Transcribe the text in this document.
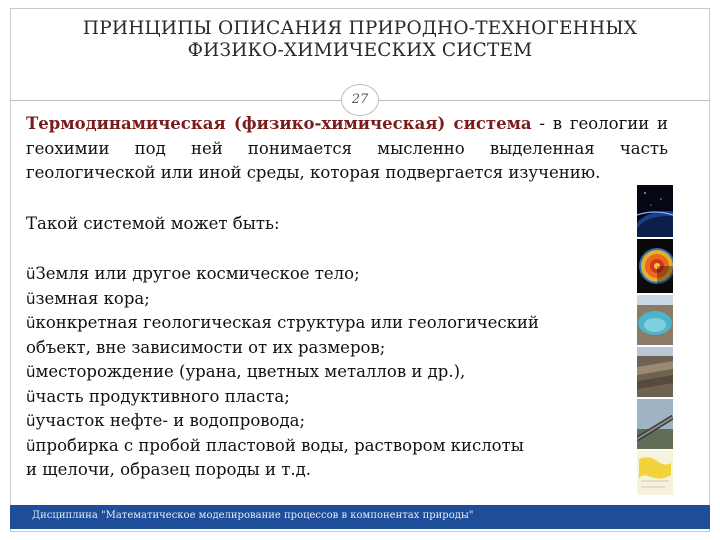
ПРИНЦИПЫ ОПИСАНИЯ ПРИРОДНО-ТЕХНОГЕННЫХ
ФИЗИКО-ХИМИЧЕСКИХ СИСТЕМ
27

Термодинамическая (физико-химическая) система - в геологии и геохимии под ней понимается мысленно выделенная часть геологической или иной среды, которая подвергается изучению.

Такой системой может быть:

üЗемля или другое космическое тело;

üземная кора;

üконкретная геологическая структура или геологический

объект, вне зависимости от их размеров;

üместорождение (урана, цветных металлов и др.),

üчасть продуктивного пласта;

üучасток нефте- и водопровода;

üпробирка с пробой пластовой воды, раствором кислоты

и щелочи, образец породы и т.д.

Дисциплина "Математическое моделирование процессов в компонентах природы"
